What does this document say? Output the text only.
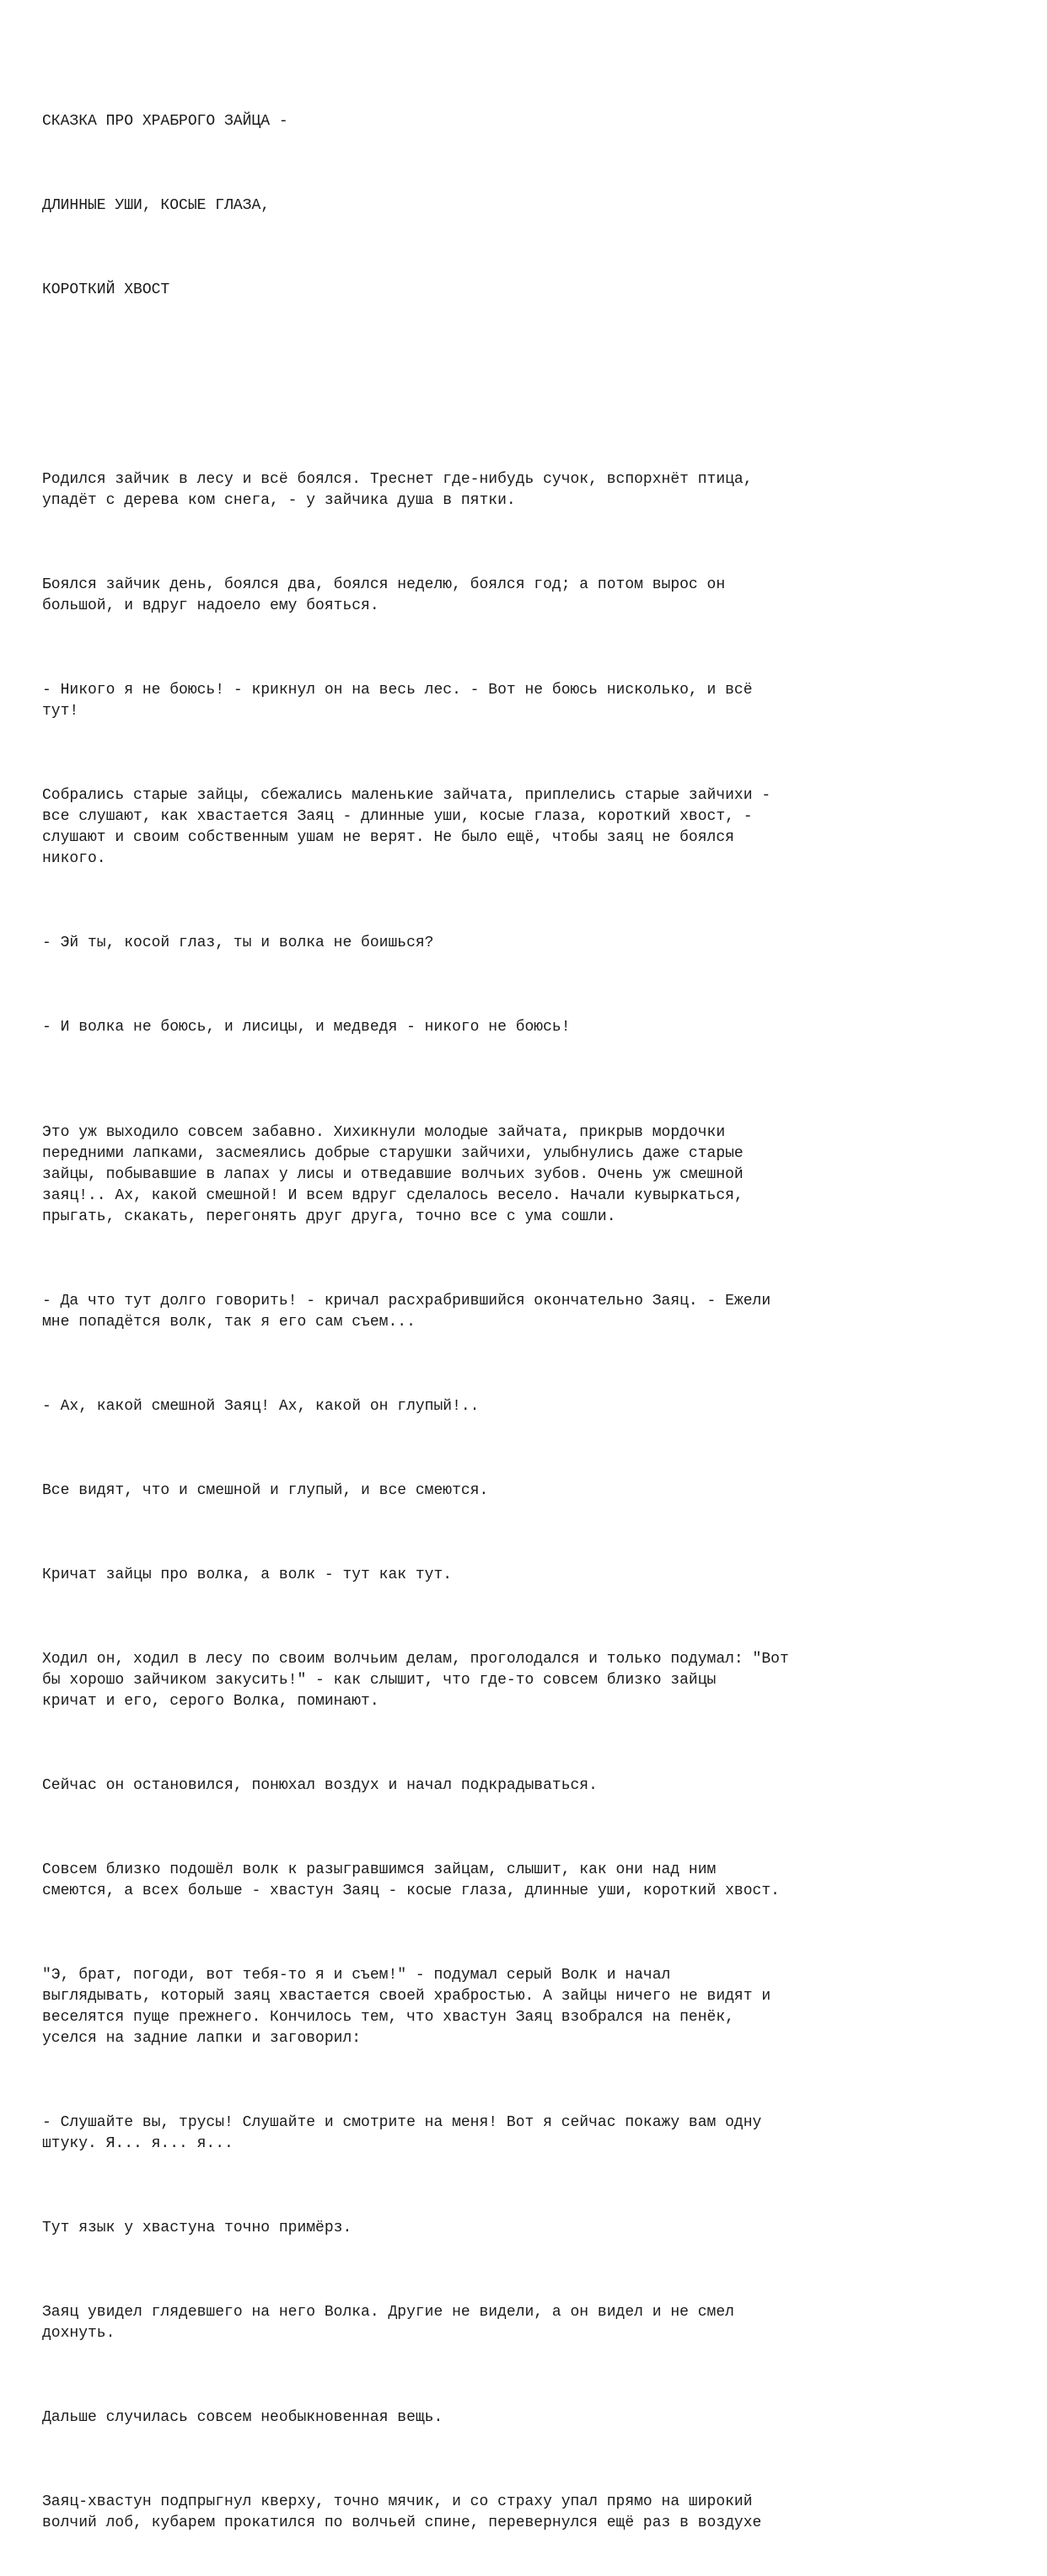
СКАЗКА ПРО ХРАБРОГО ЗАЙЦА -

ДЛИННЫЕ УШИ, КОСЫЕ ГЛАЗА,

КОРОТКИЙ ХВОСТ

Родился зайчик в лесу и всё боялся. Треснет где-нибудь сучок, вспорхнёт птица,
упадёт с дерева ком снега, - у зайчика душа в пятки.

Боялся зайчик день, боялся два, боялся неделю, боялся год; а потом вырос он
большой, и вдруг надоело ему бояться.

- Никого я не боюсь! - крикнул он на весь лес. - Вот не боюсь нисколько, и всё
тут!

Собрались старые зайцы, сбежались маленькие зайчата, приплелись старые зайчихи -
все слушают, как хвастается Заяц - длинные уши, косые глаза, короткий хвост, -
слушают и своим собственным ушам не верят. Не было ещё, чтобы заяц не боялся
никого.

- Эй ты, косой глаз, ты и волка не боишься?

- И волка не боюсь, и лисицы, и медведя - никого не боюсь!

Это уж выходило совсем забавно. Хихикнули молодые зайчата, прикрыв мордочки
передними лапками, засмеялись добрые старушки зайчихи, улыбнулись даже старые
зайцы, побывавшие в лапах у лисы и отведавшие волчьих зубов. Очень уж смешной
заяц!.. Ах, какой смешной! И всем вдруг сделалось весело. Начали кувыркаться,
прыгать, скакать, перегонять друг друга, точно все с ума сошли.

- Да что тут долго говорить! - кричал расхрабрившийся окончательно Заяц. - Ежели
мне попадётся волк, так я его сам съем...

- Ах, какой смешной Заяц! Ах, какой он глупый!..

Все видят, что и смешной и глупый, и все смеются.

Кричат зайцы про волка, а волк - тут как тут.

Ходил он, ходил в лесу по своим волчьим делам, проголодался и только подумал: "Вот
бы хорошо зайчиком закусить!" - как слышит, что где-то совсем близко зайцы
кричат и его, серого Волка, поминают.

Сейчас он остановился, понюхал воздух и начал подкрадываться.

Совсем близко подошёл волк к разыгравшимся зайцам, слышит, как они над ним
смеются, а всех больше - хвастун Заяц - косые глаза, длинные уши, короткий хвост.

"Э, брат, погоди, вот тебя-то я и съем!" - подумал серый Волк и начал
выглядывать, который заяц хвастается своей храбростью. А зайцы ничего не видят и
веселятся пуще прежнего. Кончилось тем, что хвастун Заяц взобрался на пенёк,
уселся на задние лапки и заговорил:

- Слушайте вы, трусы! Слушайте и смотрите на меня! Вот я сейчас покажу вам одну
штуку. Я... я... я...

Тут язык у хвастуна точно примёрз.

Заяц увидел глядевшего на него Волка. Другие не видели, а он видел и не смел
дохнуть.

Дальше случилась совсем необыкновенная вещь.

Заяц-хвастун подпрыгнул кверху, точно мячик, и со страху упал прямо на широкий
волчий лоб, кубарем прокатился по волчьей спине, перевернулся ещё раз в воздухе
